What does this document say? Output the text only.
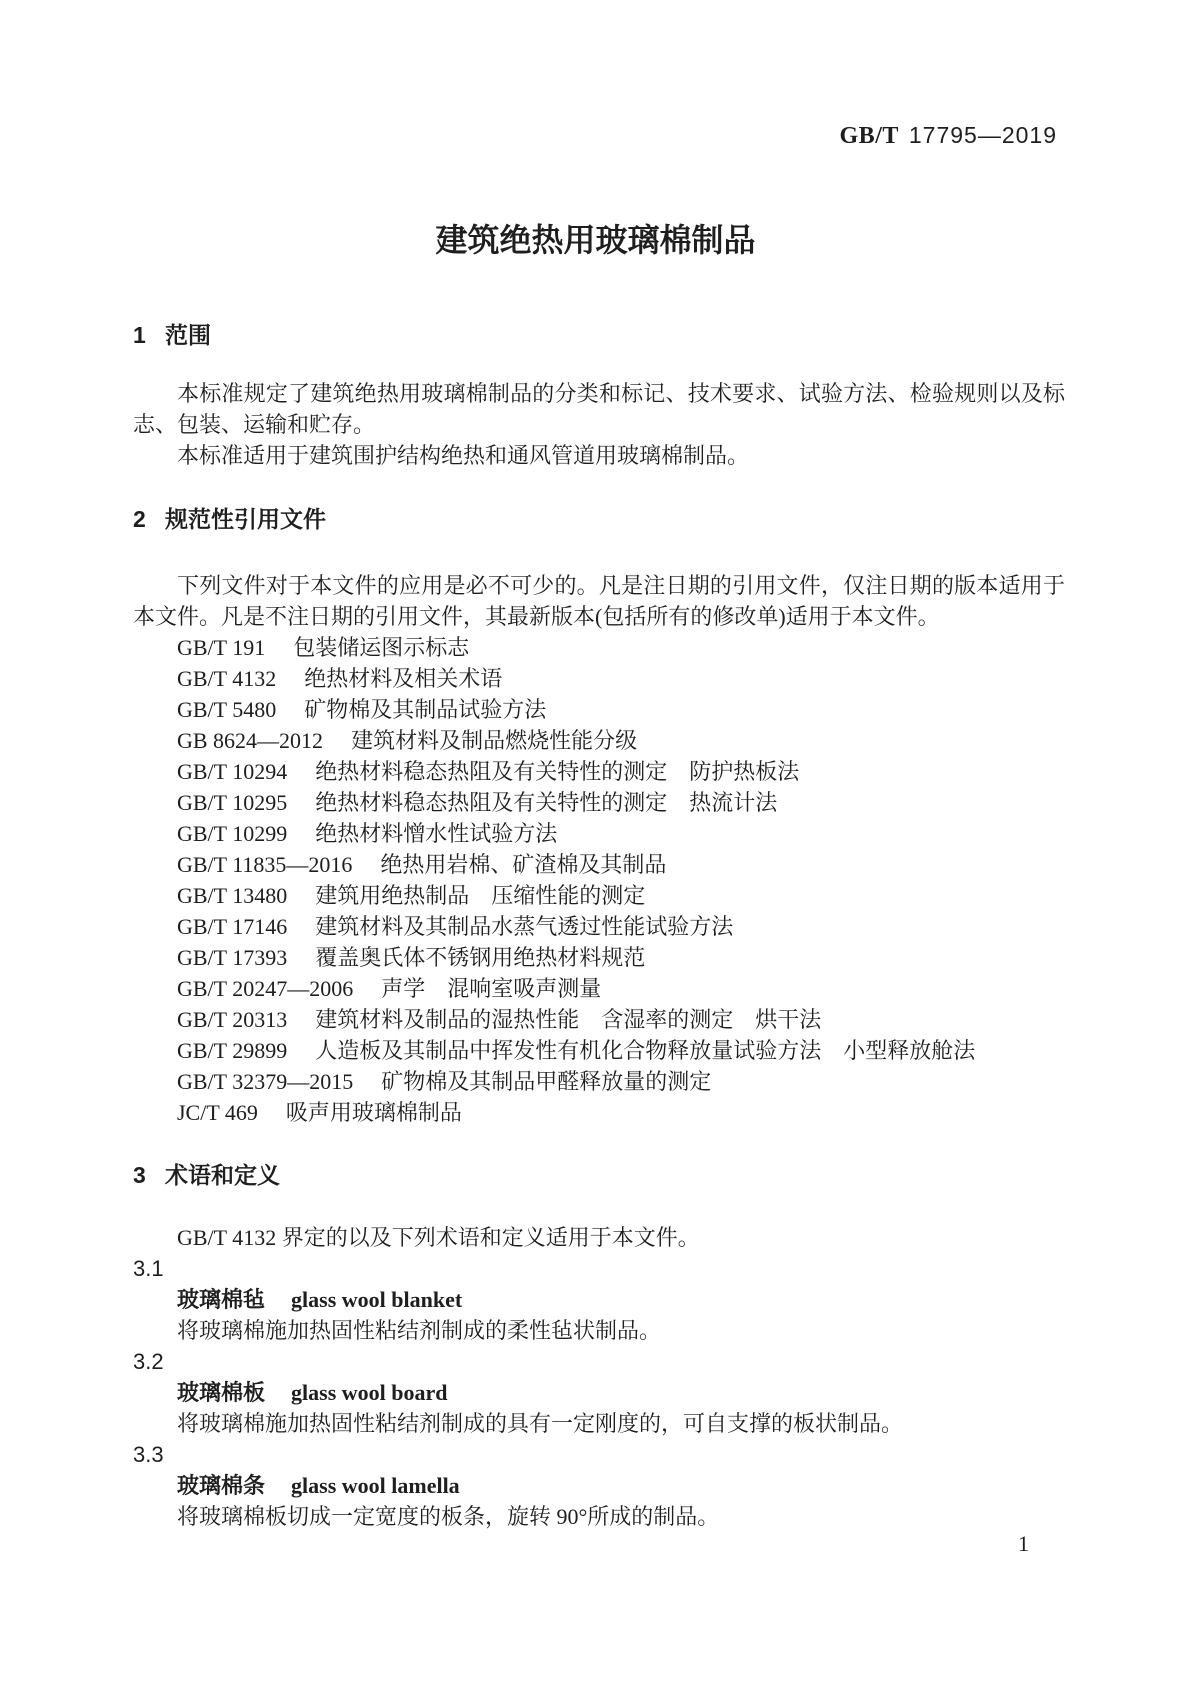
GB/T 17795—2019
建筑绝热用玻璃棉制品
1 范围

本标准规定了建筑绝热用玻璃棉制品的分类和标记、技术要求、试验方法、检验规则以及标志、包装、运输和贮存。

本标准适用于建筑围护结构绝热和通风管道用玻璃棉制品。

2 规范性引用文件

下列文件对于本文件的应用是必不可少的。凡是注日期的引用文件，仅注日期的版本适用于本文件。凡是不注日期的引用文件，其最新版本(包括所有的修改单)适用于本文件。

GB/T 191 包装储运图示标志
GB/T 4132 绝热材料及相关术语
GB/T 5480 矿物棉及其制品试验方法
GB 8624—2012 建筑材料及制品燃烧性能分级
GB/T 10294 绝热材料稳态热阻及有关特性的测定　防护热板法
GB/T 10295 绝热材料稳态热阻及有关特性的测定　热流计法
GB/T 10299 绝热材料憎水性试验方法
GB/T 11835—2016 绝热用岩棉、矿渣棉及其制品
GB/T 13480 建筑用绝热制品　压缩性能的测定
GB/T 17146 建筑材料及其制品水蒸气透过性能试验方法
GB/T 17393 覆盖奥氏体不锈钢用绝热材料规范
GB/T 20247—2006 声学　混响室吸声测量
GB/T 20313 建筑材料及制品的湿热性能　含湿率的测定　烘干法
GB/T 29899 人造板及其制品中挥发性有机化合物释放量试验方法　小型释放舱法
GB/T 32379—2015 矿物棉及其制品甲醛释放量的测定
JC/T 469 吸声用玻璃棉制品
3 术语和定义

GB/T 4132 界定的以及下列术语和定义适用于本文件。

3.1
玻璃棉毡 glass wool blanket
将玻璃棉施加热固性粘结剂制成的柔性毡状制品。
3.2
玻璃棉板 glass wool board
将玻璃棉施加热固性粘结剂制成的具有一定刚度的，可自支撑的板状制品。
3.3
玻璃棉条 glass wool lamella
将玻璃棉板切成一定宽度的板条，旋转 90°所成的制品。
1
